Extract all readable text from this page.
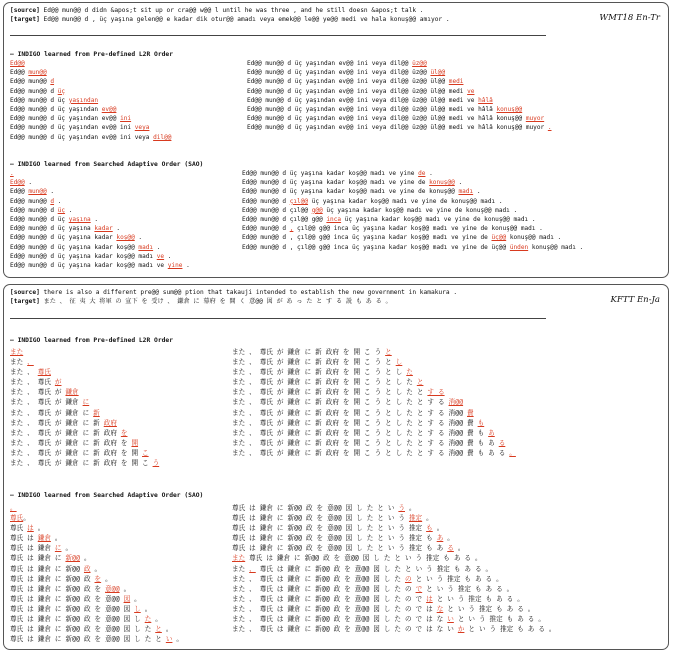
WMT18 En-Tr
[source] Ed@@ mun@@ d didn &apos;t sit up or cra@@ w@@ l until he was three , and he still doesn &apos;t talk .
[target] Ed@@ mun@@ d , üç yaşına gelen@@ e kadar dik otur@@ amadı veya emek@@ le@@ ye@@ medi ve hala konuş@@ amıyor .
— INDIGO learned from Pre-defined L2R Order
Ed@@	Ed@@ mun@@ d üç yaşından ev@@ ini veya dil@@ üz@@
Ed@@ mun@@	Ed@@ mun@@ d üç yaşından ev@@ ini veya dil@@ üz@@ ül@@
Ed@@ mun@@ d	Ed@@ mun@@ d üç yaşından ev@@ ini veya dil@@ üz@@ ül@@ medi
Ed@@ mun@@ d üç	Ed@@ mun@@ d üç yaşından ev@@ ini veya dil@@ üz@@ ül@@ medi ve
Ed@@ mun@@ d üç yaşından	Ed@@ mun@@ d üç yaşından ev@@ ini veya dil@@ üz@@ ül@@ medi ve hâlâ
Ed@@ mun@@ d üç yaşından ev@@	Ed@@ mun@@ d üç yaşından ev@@ ini veya dil@@ üz@@ ül@@ medi ve hâlâ konuş@@
Ed@@ mun@@ d üç yaşından ev@@ ini	Ed@@ mun@@ d üç yaşından ev@@ ini veya dil@@ üz@@ ül@@ medi ve hâlâ konuş@@ muyor
Ed@@ mun@@ d üç yaşından ev@@ ini veya	Ed@@ mun@@ d üç yaşından ev@@ ini veya dil@@ üz@@ ül@@ medi ve hâlâ konuş@@ muyor .
Ed@@ mun@@ d üç yaşından ev@@ ini veya dil@@
— INDIGO learned from Searched Adaptive Order (SAO)
.	Ed@@ mun@@ d üç yaşına kadar koş@@ madı ve yine de .
Ed@@ .	Ed@@ mun@@ d üç yaşına kadar koş@@ madı ve yine de konuş@@ .
Ed@@ mun@@ .	Ed@@ mun@@ d üç yaşına kadar koş@@ madı ve yine de konuş@@ madı .
Ed@@ mun@@ d .	Ed@@ mun@@ d çıl@@ üç yaşına kadar koş@@ madı ve yine de konuş@@ madı .
Ed@@ mun@@ d üç .	Ed@@ mun@@ d çıl@@ g@@ üç yaşına kadar koş@@ madı ve yine de konuş@@ madı .
Ed@@ mun@@ d üç yaşına .	Ed@@ mun@@ d çıl@@ g@@ inca üç yaşına kadar koş@@ madı ve yine de konuş@@ madı .
Ed@@ mun@@ d üç yaşına kadar .	Ed@@ mun@@ d , çıl@@ g@@ inca üç yaşına kadar koş@@ madı ve yine de konuş@@ madı .
Ed@@ mun@@ d üç yaşına kadar koş@@ .	Ed@@ mun@@ d , çıl@@ g@@ inca üç yaşına kadar koş@@ madı ve yine de üç@@ konuş@@ madı .
Ed@@ mun@@ d üç yaşına kadar koş@@ madı .	Ed@@ mun@@ d , çıl@@ g@@ inca üç yaşına kadar koş@@ madı ve yine de üç@@ ünden konuş@@ madı .
Ed@@ mun@@ d üç yaşına kadar koş@@ madı ve .
Ed@@ mun@@ d üç yaşına kadar koş@@ madı ve yine .
KFTT En-Ja
[source] there is also a different pre@@ sum@@ ption that takauji intended to establish the new government in kamakura .
[target] また 、 征 夷 大 将軍 の 宣下 を 受け 、 鎌倉 に 幕府 を 開 く 意@@ 図 が あ っ た と す る 説 も あ る 。
— INDIGO learned from Pre-defined L2R Order
また	また 、 尊氏 が 鎌倉 に 新 政府 を 開 こ う と
また 、	また 、 尊氏 が 鎌倉 に 新 政府 を 開 こ う と し
また 、 尊氏	また 、 尊氏 が 鎌倉 に 新 政府 を 開 こ う と し た
また 、 尊氏 が	また 、 尊氏 が 鎌倉 に 新 政府 を 開 こ う と し た と
また 、 尊氏 が 鎌倉	また 、 尊氏 が 鎌倉 に 新 政府 を 開 こ う と し た と す る
また 、 尊氏 が 鎌倉 に	また 、 尊氏 が 鎌倉 に 新 政府 を 開 こ う と し た と す る 消@@
また 、 尊氏 が 鎌倉 に 新	また 、 尊氏 が 鎌倉 に 新 政府 を 開 こ う と し た と す る 消@@ 費
また 、 尊氏 が 鎌倉 に 新 政府	また 、 尊氏 が 鎌倉 に 新 政府 を 開 こ う と し た と す る 消@@ 費 も
また 、 尊氏 が 鎌倉 に 新 政府 を	また 、 尊氏 が 鎌倉 に 新 政府 を 開 こ う と し た と す る 消@@ 費 も あ
また 、 尊氏 が 鎌倉 に 新 政府 を 開	また 、 尊氏 が 鎌倉 に 新 政府 を 開 こ う と し た と す る 消@@ 費 も あ る
また 、 尊氏 が 鎌倉 に 新 政府 を 開 こ	また 、 尊氏 が 鎌倉 に 新 政府 を 開 こ う と し た と す る 消@@ 費 も あ る 。
また 、 尊氏 が 鎌倉 に 新 政府 を 開 こ う
— INDIGO learned from Searched Adaptive Order (SAO)
。	尊氏 は 鎌倉 に 新@@ 政 を 意@@ 図 し た と い う 。
尊氏。	尊氏 は 鎌倉 に 新@@ 政 を 意@@ 図 し た と い う 推定 。
尊氏 は 。	尊氏 は 鎌倉 に 新@@ 政 を 意@@ 図 し た と い う 推定 も 。
尊氏 は 鎌倉 。	尊氏 は 鎌倉 に 新@@ 政 を 意@@ 図 し た と い う 推定 も あ 。
尊氏 は 鎌倉 に 。	尊氏 は 鎌倉 に 新@@ 政 を 意@@ 図 し た と い う 推定 も あ る 。
尊氏 は 鎌倉 に 新@@ 。	また 尊氏 は 鎌倉 に 新@@ 政 を 意@@ 図 し た と い う 推定 も あ る 。
尊氏 は 鎌倉 に 新@@ 政 。	また 、 尊氏 は 鎌倉 に 新@@ 政 を 意@@ 図 し た と い う 推定 も あ る 。
尊氏 は 鎌倉 に 新@@ 政 を 。	また 、 尊氏 は 鎌倉 に 新@@ 政 を 意@@ 図 し た の と い う 推定 も あ る 。
尊氏 は 鎌倉 に 新@@ 政 を 意@@ 。	また 、 尊氏 は 鎌倉 に 新@@ 政 を 意@@ 図 し た の で と い う 推定 も あ る 。
尊氏 は 鎌倉 に 新@@ 政 を 意@@ 図 。	また 、 尊氏 は 鎌倉 に 新@@ 政 を 意@@ 図 し た の で は と い う 推定 も あ る 。
尊氏 は 鎌倉 に 新@@ 政 を 意@@ 図 し 。	また 、 尊氏 は 鎌倉 に 新@@ 政 を 意@@ 図 し た の で は な と い う 推定 も あ る 。
尊氏 は 鎌倉 に 新@@ 政 を 意@@ 図 し た 。	また 、 尊氏 は 鎌倉 に 新@@ 政 を 意@@ 図 し た の で は な い と い う 推定 も あ る 。
尊氏 は 鎌倉 に 新@@ 政 を 意@@ 図 し た と 。	また 、 尊氏 は 鎌倉 に 新@@ 政 を 意@@ 図 し た の で は な い か と い う 推定 も あ る 。
尊氏 は 鎌倉 に 新@@ 政 を 意@@ 図 し た と い 。
